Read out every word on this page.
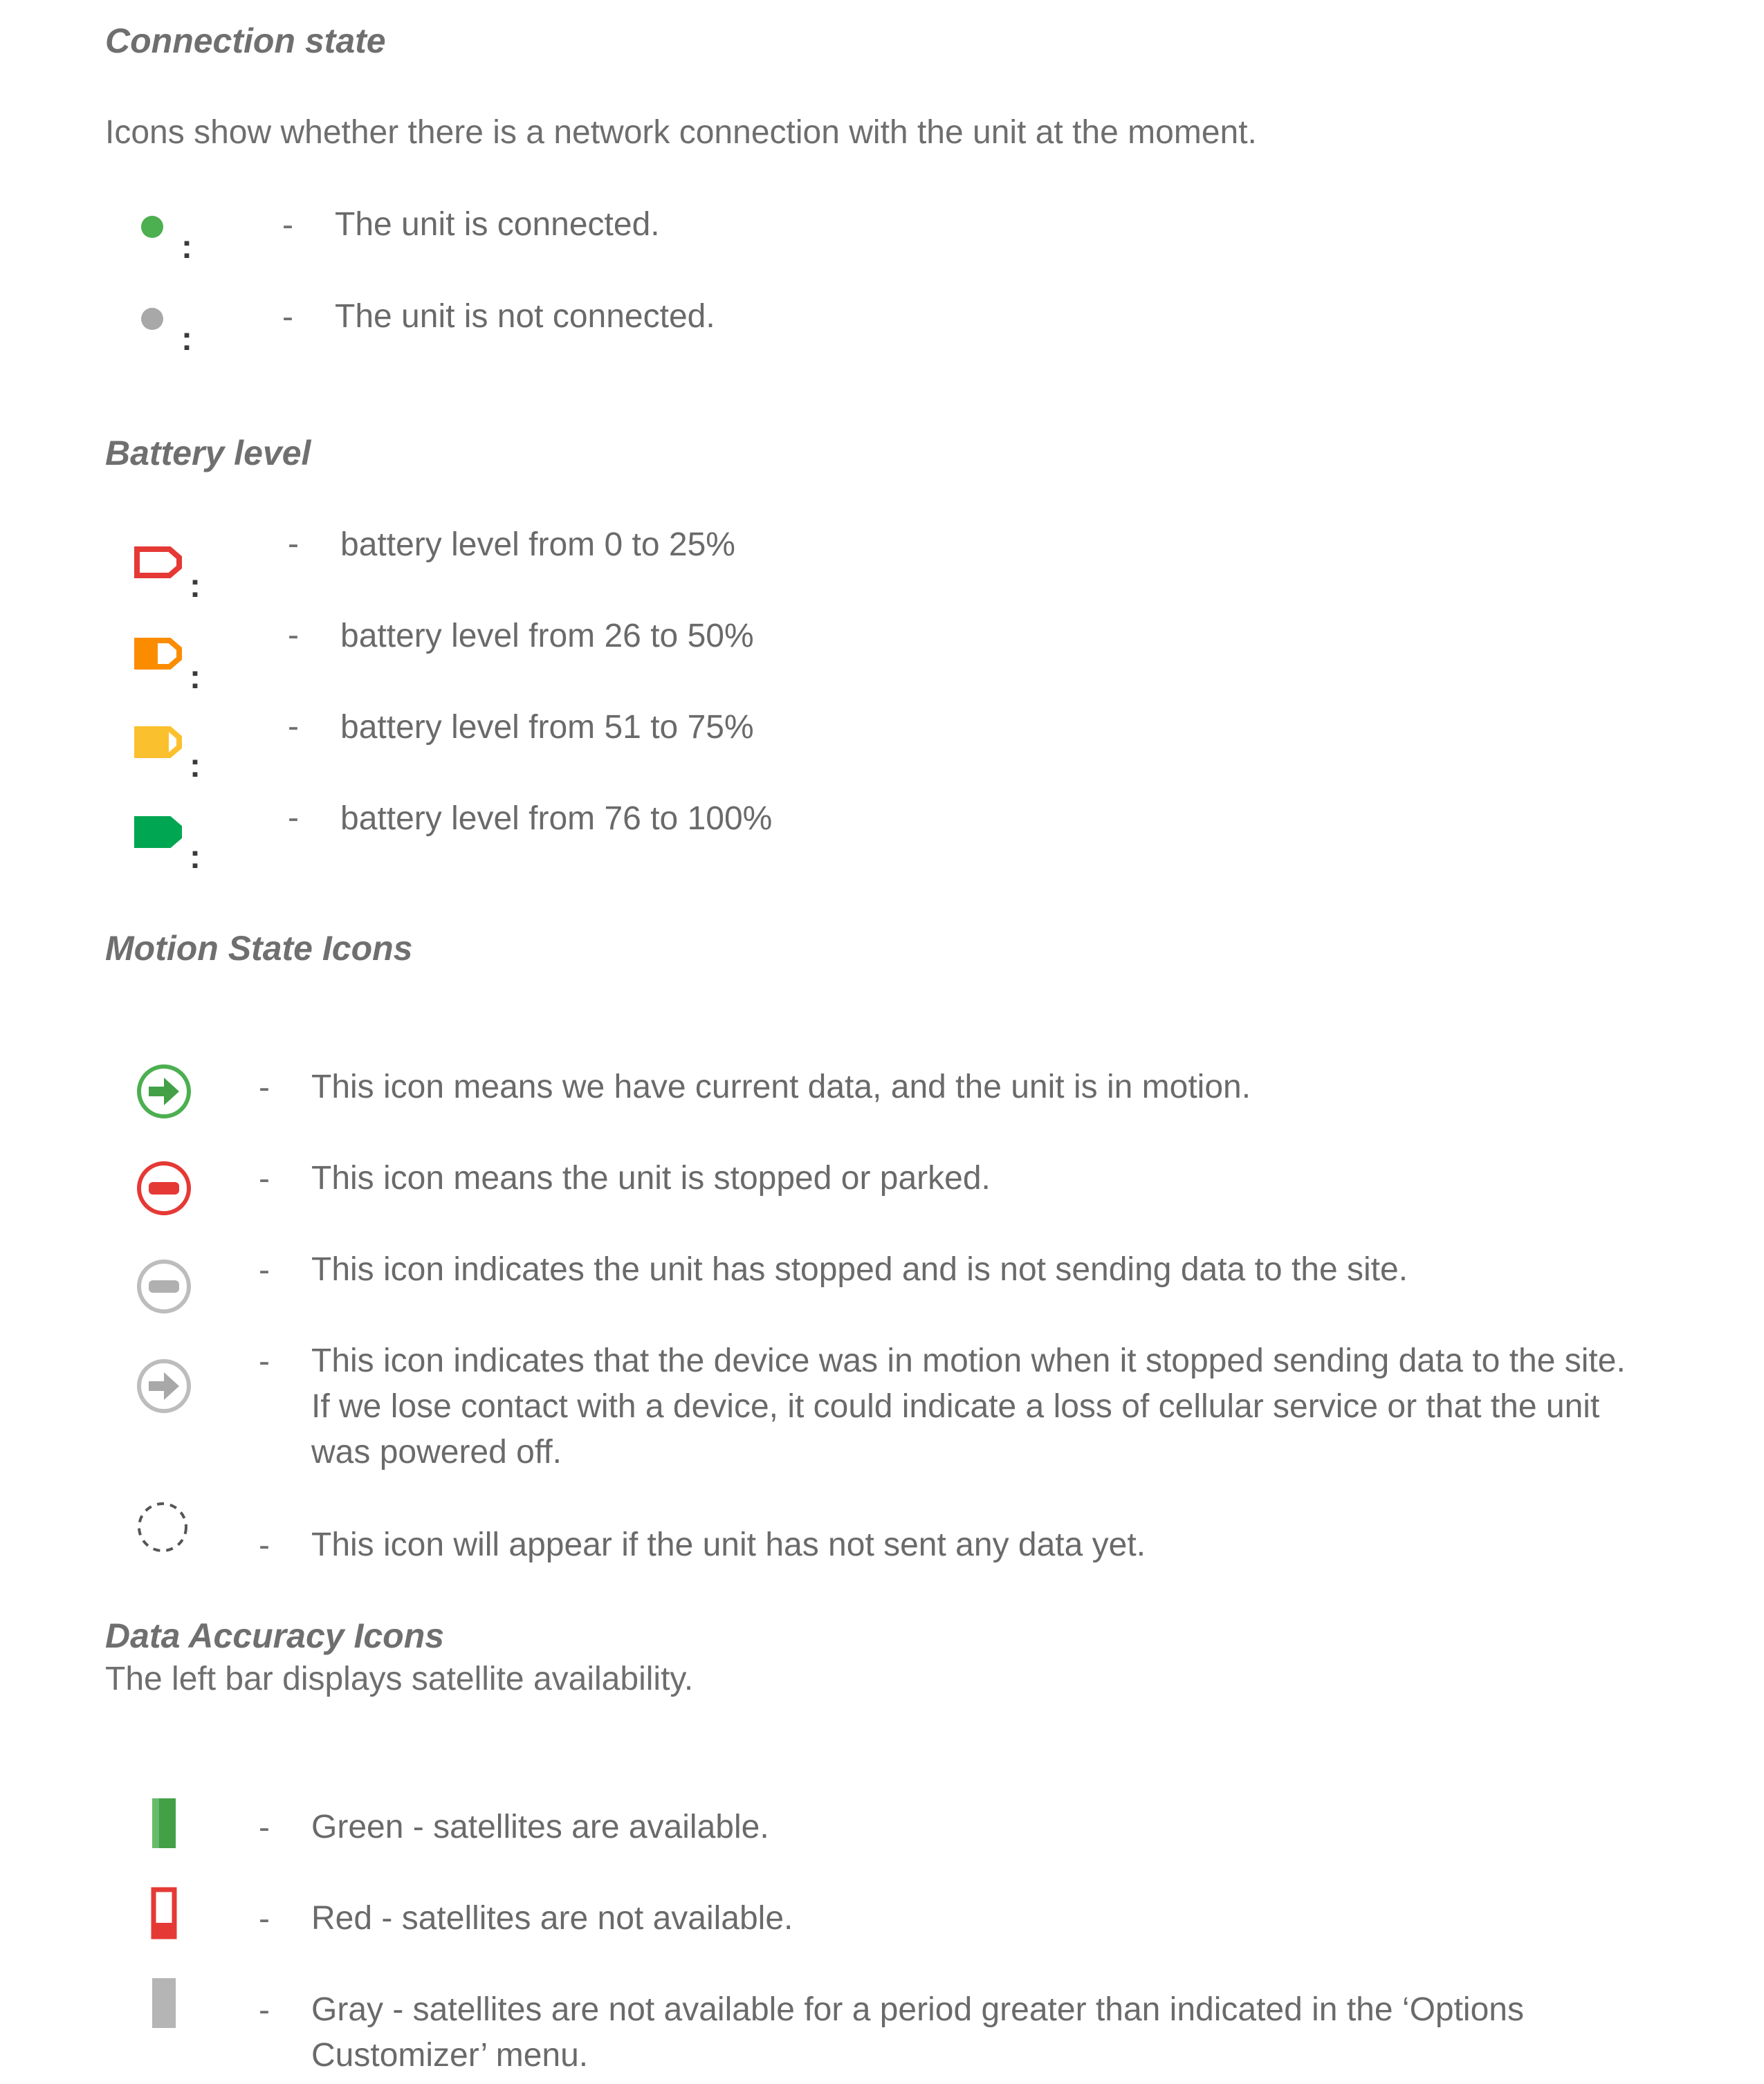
Connection state
Icons show whether there is a network connection with the unit at the moment.
:
- The unit is connected.
:
- The unit is not connected.
Battery level
:
- battery level from 0 to 25%
:
- battery level from 26 to 50%
:
- battery level from 51 to 75%
:
- battery level from 76 to 100%
Motion State Icons
- This icon means we have current data, and the unit is in motion.
- This icon means the unit is stopped or parked.
- This icon indicates the unit has stopped and is not sending data to the site.
- This icon indicates that the device was in motion when it stopped sending data to the site. If we lose contact with a device, it could indicate a loss of cellular service or that the unit was powered off.
- This icon will appear if the unit has not sent any data yet.
Data Accuracy Icons
The left bar displays satellite availability.
- Green - satellites are available.
- Red - satellites are not available.
- Gray - satellites are not available for a period greater than indicated in the ‘Options Customizer’ menu.
